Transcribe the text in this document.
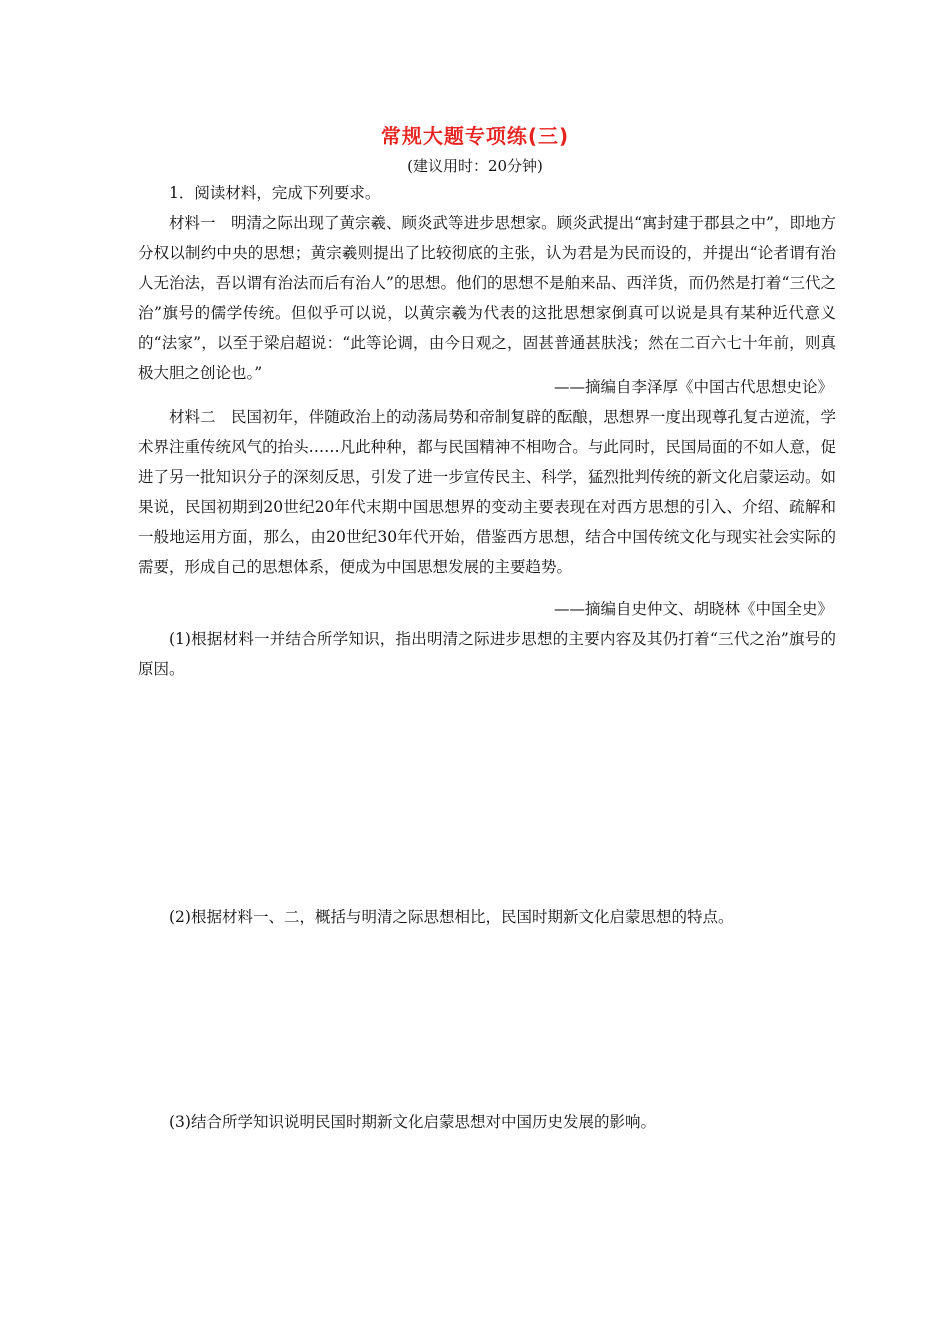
常规大题专项练(三)
(建议用时：20分钟)

1．阅读材料，完成下列要求。

材料一　明清之际出现了黄宗羲、顾炎武等进步思想家。顾炎武提出“寓封建于郡县之中”，即地方分权以制约中央的思想；黄宗羲则提出了比较彻底的主张，认为君是为民而设的，并提出“论者谓有治人无治法，吾以谓有治法而后有治人”的思想。他们的思想不是舶来品、西洋货，而仍然是打着“三代之治”旗号的儒学传统。但似乎可以说，以黄宗羲为代表的这批思想家倒真可以说是具有某种近代意义的“法家”，以至于梁启超说：“此等论调，由今日观之，固甚普通甚肤浅；然在二百六七十年前，则真极大胆之创论也。”

——摘编自李泽厚《中国古代思想史论》

材料二　民国初年，伴随政治上的动荡局势和帝制复辟的酝酿，思想界一度出现尊孔复古逆流，学术界注重传统风气的抬头……凡此种种，都与民国精神不相吻合。与此同时，民国局面的不如人意，促进了另一批知识分子的深刻反思，引发了进一步宣传民主、科学，猛烈批判传统的新文化启蒙运动。如果说，民国初期到20世纪20年代末期中国思想界的变动主要表现在对西方思想的引入、介绍、疏解和一般地运用方面，那么，由20世纪30年代开始，借鉴西方思想，结合中国传统文化与现实社会实际的需要，形成自己的思想体系，便成为中国思想发展的主要趋势。

——摘编自史仲文、胡晓林《中国全史》

(1)根据材料一并结合所学知识，指出明清之际进步思想的主要内容及其仍打着“三代之治”旗号的原因。

(2)根据材料一、二，概括与明清之际思想相比，民国时期新文化启蒙思想的特点。

(3)结合所学知识说明民国时期新文化启蒙思想对中国历史发展的影响。
